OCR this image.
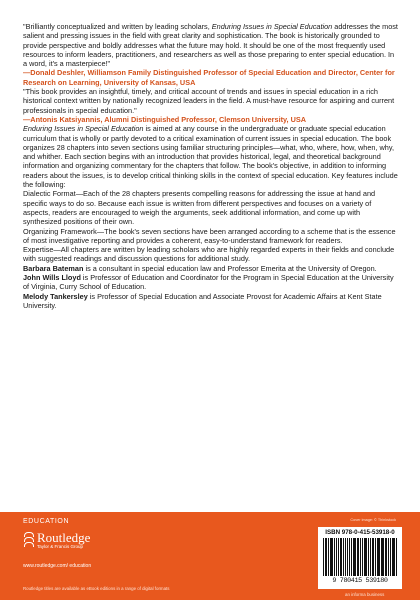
"Brilliantly conceptualized and written by leading scholars, Enduring Issues in Special Education addresses the most salient and pressing issues in the field with great clarity and sophistication. The book is historically grounded to provide perspective and boldly addresses what the future may hold. It should be one of the most frequently used resources to inform leaders, practitioners, and researchers as well as those preparing to enter special education. In a word, it's a masterpiece!"
—Donald Deshler, Williamson Family Distinguished Professor of Special Education and Director, Center for Research on Learning, University of Kansas, USA

"This book provides an insightful, timely, and critical account of trends and issues in special education in a rich historical context written by nationally recognized leaders in the field. A must-have resource for aspiring and current professionals in special education."
—Antonis Katsiyannis, Alumni Distinguished Professor, Clemson University, USA

Enduring Issues in Special Education is aimed at any course in the undergraduate or graduate special education curriculum that is wholly or partly devoted to a critical examination of current issues in special education. The book organizes 28 chapters into seven sections using familiar structuring principles—what, who, where, how, when, why, and whither. Each section begins with an introduction that provides historical, legal, and theoretical background information and organizing commentary for the chapters that follow. The book's objective, in addition to informing readers about the issues, is to develop critical thinking skills in the context of special education. Key features include the following:

Dialectic Format—Each of the 28 chapters presents compelling reasons for addressing the issue at hand and specific ways to do so. Because each issue is written from different perspectives and focuses on a variety of aspects, readers are encouraged to weigh the arguments, seek additional information, and come up with synthesized positions of their own.

Organizing Framework—The book's seven sections have been arranged according to a scheme that is the essence of most investigative reporting and provides a coherent, easy-to-understand framework for readers.

Expertise—All chapters are written by leading scholars who are highly regarded experts in their fields and conclude with suggested readings and discussion questions for additional study.

Barbara Bateman is a consultant in special education law and Professor Emerita at the University of Oregon.

John Wills Lloyd is Professor of Education and Coordinator for the Program in Special Education at the University of Virginia, Curry School of Education.

Melody Tankersley is Professor of Special Education and Associate Provost for Academic Affairs at Kent State University.

EDUCATION
Routledge
Taylor & Francis Group
www.routledge.com/ education
Routledge titles are available as eBook editions in a range of digital formats
Cover image: © Thinkstock
ISBN 978-0-415-53918-0
9 780415 539180
an informa business
